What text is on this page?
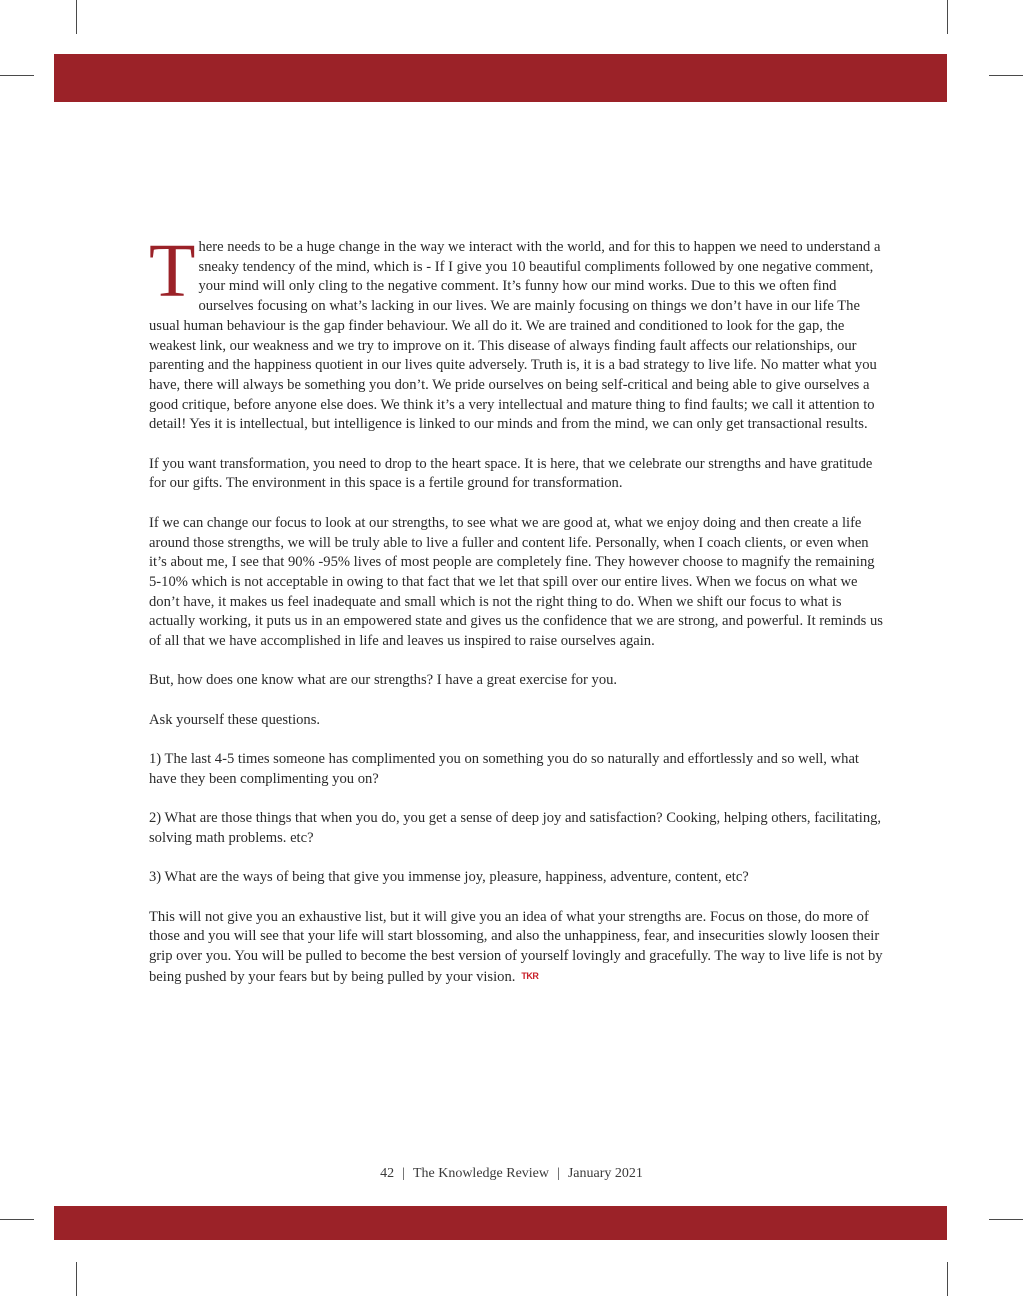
There needs to be a huge change in the way we interact with the world, and for this to happen we need to understand a sneaky tendency of the mind, which is - If I give you 10 beautiful compliments followed by one negative comment, your mind will only cling to the negative comment. It’s funny how our mind works. Due to this we often find ourselves focusing on what’s lacking in our lives. We are mainly focusing on things we don’t have in our life The usual human behaviour is the gap finder behaviour. We all do it. We are trained and conditioned to look for the gap, the weakest link, our weakness and we try to improve on it. This disease of always finding fault affects our relationships, our parenting and the happiness quotient in our lives quite adversely. Truth is, it is a bad strategy to live life. No matter what you have, there will always be something you don’t. We pride ourselves on being self-critical and being able to give ourselves a good critique, before anyone else does. We think it’s a very intellectual and mature thing to find faults; we call it attention to detail! Yes it is intellectual, but intelligence is linked to our minds and from the mind, we can only get transactional results.

If you want transformation, you need to drop to the heart space. It is here, that we celebrate our strengths and have gratitude for our gifts. The environment in this space is a fertile ground for transformation.

If we can change our focus to look at our strengths, to see what we are good at, what we enjoy doing and then create a life around those strengths, we will be truly able to live a fuller and content life. Personally, when I coach clients, or even when it’s about me, I see that 90% -95% lives of most people are completely fine. They however choose to magnify the remaining 5-10% which is not acceptable in owing to that fact that we let that spill over our entire lives. When we focus on what we don’t have, it makes us feel inadequate and small which is not the right thing to do. When we shift our focus to what is actually working, it puts us in an empowered state and gives us the confidence that we are strong, and powerful. It reminds us of all that we have accomplished in life and leaves us inspired to raise ourselves again.

But, how does one know what are our strengths? I have a great exercise for you.

Ask yourself these questions.

1) The last 4-5 times someone has complimented you on something you do so naturally and effortlessly and so well, what have they been complimenting you on?

2) What are those things that when you do, you get a sense of deep joy and satisfaction? Cooking, helping others, facilitating, solving math problems. etc?

3) What are the ways of being that give you immense joy, pleasure, happiness, adventure, content, etc?

This will not give you an exhaustive list, but it will give you an idea of what your strengths are. Focus on those, do more of those and you will see that your life will start blossoming, and also the unhappiness, fear, and insecurities slowly loosen their grip over you. You will be pulled to become the best version of yourself lovingly and gracefully. The way to live life is not by being pushed by your fears but by being pulled by your vision. TKR

42 | The Knowledge Review | January 2021
